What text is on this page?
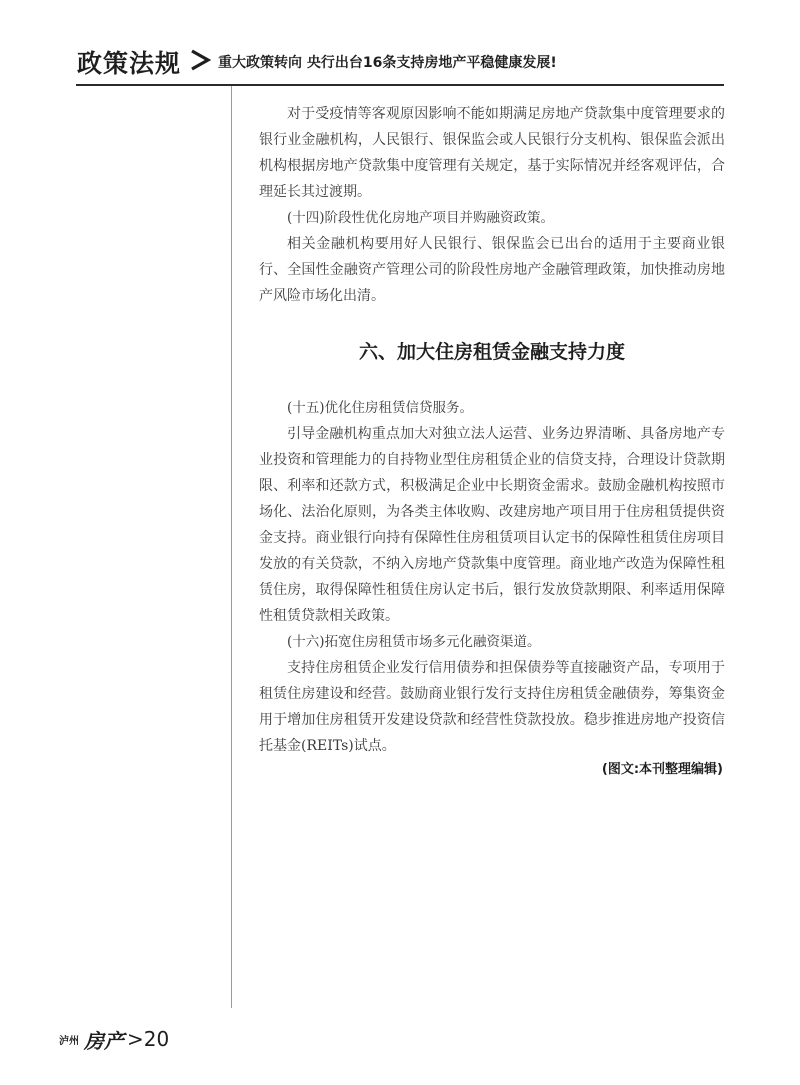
政策法规	重大政策转向 央行出台16条支持房地产平稳健康发展!

对于受疫情等客观原因影响不能如期满足房地产贷款集中度管理要求的银行业金融机构，人民银行、银保监会或人民银行分支机构、银保监会派出机构根据房地产贷款集中度管理有关规定，基于实际情况并经客观评估，合理延长其过渡期。

(十四)阶段性优化房地产项目并购融资政策。

相关金融机构要用好人民银行、银保监会已出台的适用于主要商业银行、全国性金融资产管理公司的阶段性房地产金融管理政策，加快推动房地产风险市场化出清。

六、加大住房租赁金融支持力度

(十五)优化住房租赁信贷服务。

引导金融机构重点加大对独立法人运营、业务边界清晰、具备房地产专业投资和管理能力的自持物业型住房租赁企业的信贷支持，合理设计贷款期限、利率和还款方式，积极满足企业中长期资金需求。鼓励金融机构按照市场化、法治化原则，为各类主体收购、改建房地产项目用于住房租赁提供资金支持。商业银行向持有保障性住房租赁项目认定书的保障性租赁住房项目发放的有关贷款，不纳入房地产贷款集中度管理。商业地产改造为保障性租赁住房，取得保障性租赁住房认定书后，银行发放贷款期限、利率适用保障性租赁贷款相关政策。

(十六)拓宽住房租赁市场多元化融资渠道。

支持住房租赁企业发行信用债券和担保债券等直接融资产品，专项用于租赁住房建设和经营。鼓励商业银行发行支持住房租赁金融债券，筹集资金用于增加住房租赁开发建设贷款和经营性贷款投放。稳步推进房地产投资信托基金(REITs)试点。

(图文:本刊整理编辑)

泸州 房产 >20
